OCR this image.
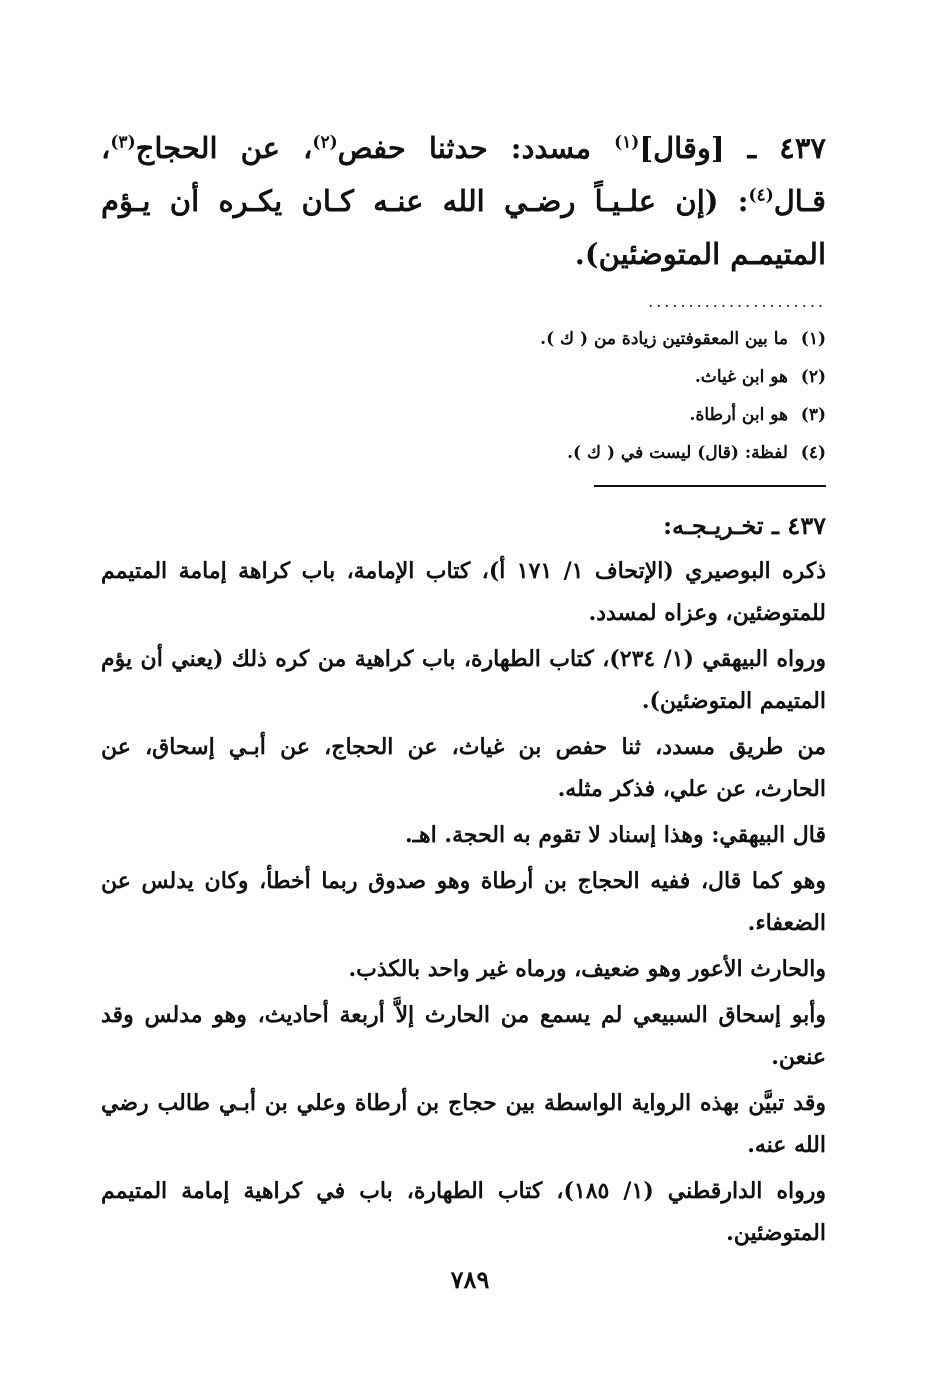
٤٣٧ ـ [وقال]$^{(١)}$ مسدد: حدثنا حفص$^{(٢)}$، عن الحجاج$^{(٣)}$، قـال$^{(٤)}$: (إن علـيـاً رضـي الله عنـه كـان يكـره أن يـؤم المتيمـم المتوضئين).
......................
(١)
ما بين المعقوفتين زيادة من ( ك ).
(٢)
هو ابن غياث.
(٣)
هو ابن أرطاة.
(٤)
لفظة: (قال) ليست في ( ك ).
٤٣٧ ـ تخـريـجـه:

ذكره البوصيري (الإتحاف ١/ ١٧١ أ)، كتاب الإمامة، باب كراهة إمامة المتيمم للمتوضئين، وعزاه لمسدد.

ورواه البيهقي (١/ ٢٣٤)، كتاب الطهارة، باب كراهية من كره ذلك (يعني أن يؤم المتيمم المتوضئين).

من طريق مسدد، ثنا حفص بن غياث، عن الحجاج، عن أبـي إسحاق، عن الحارث، عن علي، فذكر مثله.

قال البيهقي: وهذا إسناد لا تقوم به الحجة. اهـ.

وهو كما قال، ففيه الحجاج بن أرطاة وهو صدوق ربما أخطأ، وكان يدلس عن الضعفاء.

والحارث الأعور وهو ضعيف، ورماه غير واحد بالكذب.

وأبو إسحاق السبيعي لم يسمع من الحارث إلاَّ أربعة أحاديث، وهو مدلس وقد عنعن.

وقد تبيَّن بهذه الرواية الواسطة بين حجاج بن أرطاة وعلي بن أبـي طالب رضي الله عنه.

ورواه الدارقطني (١/ ١٨٥)، كتاب الطهارة، باب في كراهية إمامة المتيمم المتوضئين.

٧٨٩
